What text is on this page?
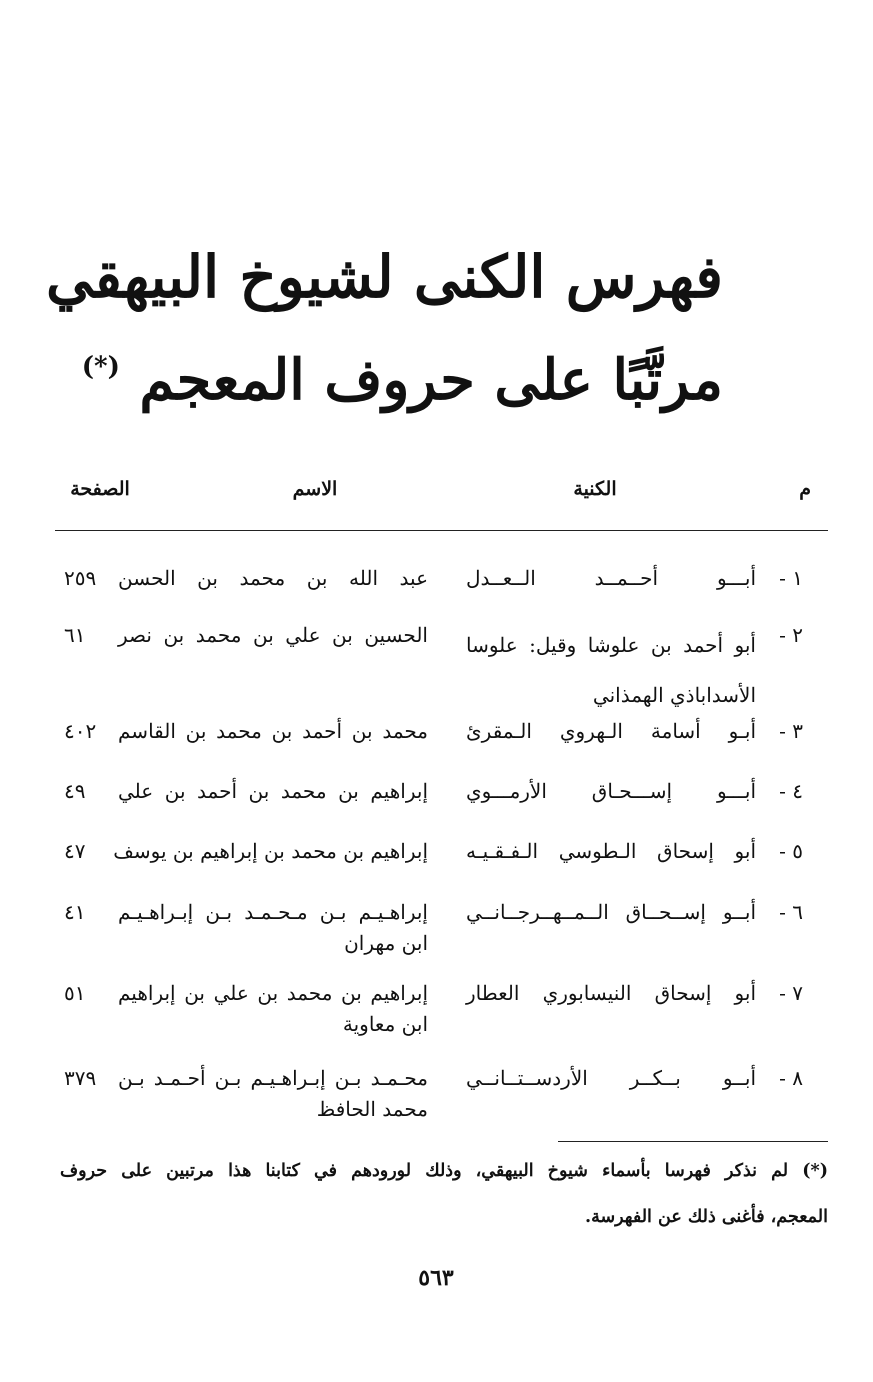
فهرس الكنى لشيوخ البيهقي
مرتَّبًا على حروف المعجم (*)
م
الكنية
الاسم
الصفحة
١ -
أبـــو أحــمــد الــعــدل
عبد الله بن محمد بن الحسن
٢٥٩
٢ -
أبو أحمد بن علوشا وقيل: علوسا
الأسداباذي الهمذاني
الحسين بن علي بن محمد بن نصر
٦١
٣ -
أبـو أسامة الـهروي الـمقرئ
محمد بن أحمد بن محمد بن القاسم
٤٠٢
٤ -
أبـــو إســـحـاق الأرمـــوي
إبراهيم بن محمد بن أحمد بن علي
٤٩
٥ -
أبو إسحاق الـطوسي الـفـقـيـه
إبراهيم بن محمد بن إبراهيم بن يوسف
٤٧
٦ -
أبــو إســحــاق الــمــهــرجــانــي
إبراهـيـم بـن مـحـمـد بـن إبـراهـيـم
ابن مهران
٤١
٧ -
أبو إسحاق النيسابوري العطار
إبراهيم بن محمد بن علي بن إبراهيم
ابن معاوية
٥١
٨ -
أبــو بــكــر الأردســتــانــي
محـمـد بـن إبـراهـيـم بـن أحـمـد بـن
محمد الحافظ
٣٧٩
(*) لم نذكر فهرسا بأسماء شيوخ البيهقي، وذلك لورودهم في كتابنا هذا مرتبين على حروف
المعجم، فأغنى ذلك عن الفهرسة.
٥٦٣
